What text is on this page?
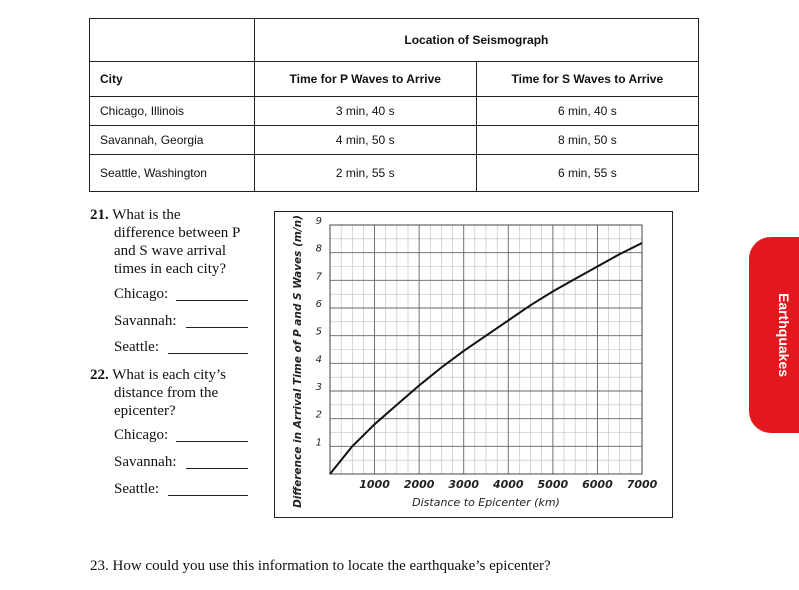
	Location of Seismograph	
City	Time for P Waves to Arrive	Time for S Waves to Arrive
Chicago, Illinois	3 min, 40 s	6 min, 40 s
Savannah, Georgia	4 min, 50 s	8 min, 50 s
Seattle, Washington	2 min, 55 s	6 min, 55 s
21. What is the
difference between P
and S wave arrival
times in each city?
Chicago:
Savannah:
Seattle:
22. What is each city’s
distance from the
epicenter?
Chicago:
Savannah:
Seattle:	1000 2000 3000 4000 5000 6000 7000
1
2
3
4
5
6
7
8
9
Distance to Epicenter (km)
Difference in Arrival Time of P and S Waves (m/n)	Earthquakes
23. How could you use this information to locate the earthquake’s epicenter?
